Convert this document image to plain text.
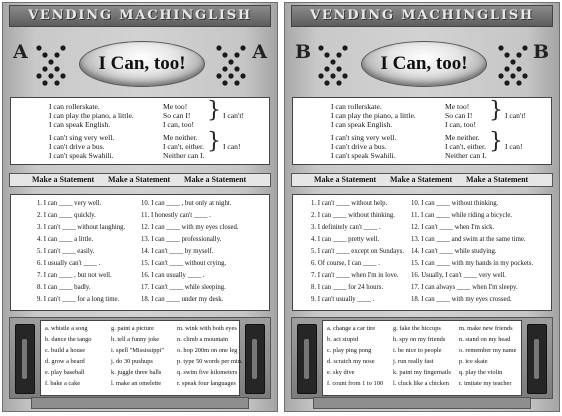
VENDING MACHINGLISH
A	A
I Can, too!
I can rollerskate.
I can play the piano, a little.
I can speak English.
Me too!
So can I!
I can, too!
} I can't!
I can't sing very well.
I can't drive a bus.
I can't speak Swahili.
Me neither.
I can't, either.
Neither can I.
} I can!
Make a Statement Make a Statement Make a Statement
1. I can ____ very well.
2. I can ____ quickly.
3. I can't ____ without laughing.
4. I can ____ a little.
5. I can't ____ easily.
6. I usually can't ____ .
7. I can ____ , but not well.
8. I can ____ badly.
9. I can't ____ for a long time.
10. I can ____ , but only at night.
11. I honestly can't ____ .
12. I can ____ with my eyes closed.
13. I can ____ professionally.
14. I can't ____ by myself.
15. I can't ____ without crying.
16. I can usually ____ .
17. I can't ____ while sleeping.
18. I can ____ under my desk.
a. whistle a song
b. dance the tango
c. build a house
d. grow a beard
e. play baseball
f. bake a cake
g. paint a picture
h. tell a funny joke
i. spell "Mississippi"
j. do 30 pushups
k. juggle three balls
l. make an omelette
m. wink with both eyes
n. climb a mountain
o. hop 200m on one leg
p. type 50 words per min.
q. swim five kilometers
r. speak four languages
VENDING MACHINGLISH
B	B
I Can, too!
I can rollerskate.
I can play the piano, a little.
I can speak English.
Me too!
So can I!
I can, too!
} I can't!
I can't sing very well.
I can't drive a bus.
I can't speak Swahili.
Me neither.
I can't, either.
Neither can I.
} I can!
Make a Statement Make a Statement Make a Statement
1. I can't ____ without help.
2. I can ____ without thinking.
3. I definitely can't ____ .
4. I can ____ pretty well.
5. I can't ____ except on Sundays.
6. Of course, I can ____ .
7. I can't ____ when I'm in love.
8. I can ____ for 24 hours.
9. I can't usually ____ .
10. I can ____ without thinking.
11. I can ____ while riding a bicycle.
12. I can't ____ when I'm sick.
13. I can ____ and swim at the same time.
14. I can't ____ while studying.
15. I can ____ with my hands in my pockets.
16. Usually, I can't ____ very well.
17. I can always ____ when I'm sleepy.
18. I can ____ with my eyes crossed.
a. change a car tire
b. act stupid
c. play ping pong
d. scratch my nose
e. sky dive
f. count from 1 to 100
g. fake the hiccups
h. spy on my friends
i. be nice to people
j. run really fast
k. paint my fingernails
l. cluck like a chicken
m. make new friends
n. stand on my head
o. remember my name
p. ice skate
q. play the violin
r. imitate my teacher
